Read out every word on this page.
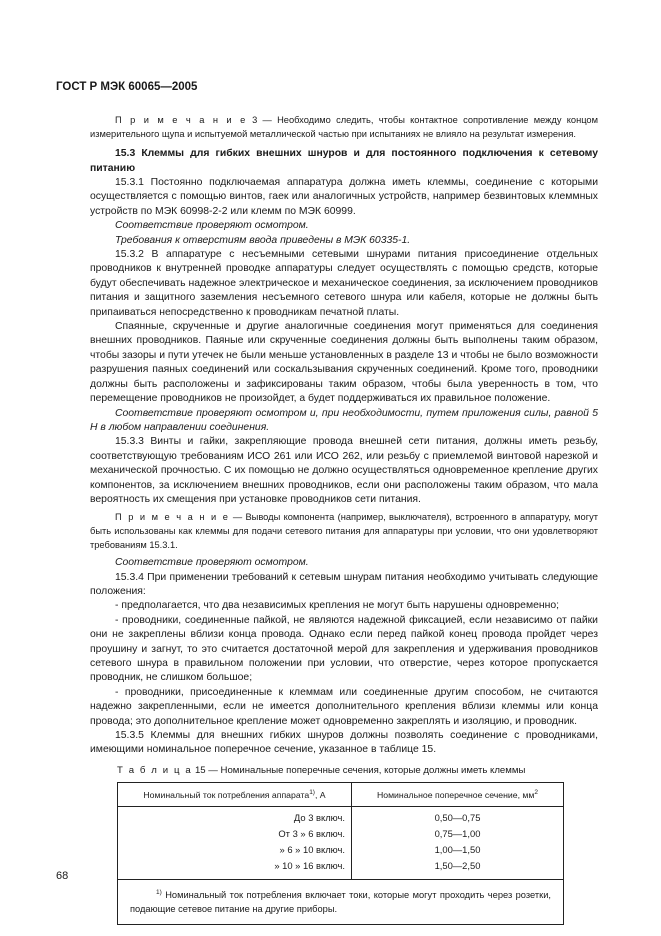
ГОСТ Р МЭК 60065—2005

П р и м е ч а н и е 3 — Необходимо следить, чтобы контактное сопротивление между концом измерительного щупа и испытуемой металлической частью при испытаниях не влияло на результат измерения.

15.3 Клеммы для гибких внешних шнуров и для постоянного подключения к сетевому питанию

15.3.1 Постоянно подключаемая аппаратура должна иметь клеммы, соединение с которыми осуществляется с помощью винтов, гаек или аналогичных устройств, например безвинтовых клеммных устройств по МЭК 60998-2-2 или клемм по МЭК 60999.

Соответствие проверяют осмотром.

Требования к отверстиям ввода приведены в МЭК 60335-1.

15.3.2 В аппаратуре с несъемными сетевыми шнурами питания присоединение отдельных проводников к внутренней проводке аппаратуры следует осуществлять с помощью средств, которые будут обеспечивать надежное электрическое и механическое соединения, за исключением проводников питания и защитного заземления несъемного сетевого шнура или кабеля, которые не должны быть припаиваться непосредственно к проводникам печатной платы.

Спаянные, скрученные и другие аналогичные соединения могут применяться для соединения внешних проводников. Паяные или скрученные соединения должны быть выполнены таким образом, чтобы зазоры и пути утечек не были меньше установленных в разделе 13 и чтобы не было возможности разрушения паяных соединений или соскальзывания скрученных соединений. Кроме того, проводники должны быть расположены и зафиксированы таким образом, чтобы была уверенность в том, что перемещение проводников не произойдет, а будет поддерживаться их правильное положение.

Соответствие проверяют осмотром и, при необходимости, путем приложения силы, равной 5 Н в любом направлении соединения.

15.3.3 Винты и гайки, закрепляющие провода внешней сети питания, должны иметь резьбу, соответствующую требованиям ИСО 261 или ИСО 262, или резьбу с приемлемой винтовой нарезкой и механической прочностью. С их помощью не должно осуществляться одновременное крепление других компонентов, за исключением внешних проводников, если они расположены таким образом, что мала вероятность их смещения при установке проводников сети питания.

П р и м е ч а н и е — Выводы компонента (например, выключателя), встроенного в аппаратуру, могут быть использованы как клеммы для подачи сетевого питания для аппаратуры при условии, что они удовлетворяют требованиям 15.3.1.

Соответствие проверяют осмотром.

15.3.4 При применении требований к сетевым шнурам питания необходимо учитывать следующие положения:

- предполагается, что два независимых крепления не могут быть нарушены одновременно;

- проводники, соединенные пайкой, не являются надежной фиксацией, если независимо от пайки они не закреплены вблизи конца провода. Однако если перед пайкой конец провода пройдет через проушину и загнут, то это считается достаточной мерой для закрепления и удерживания проводников сетевого шнура в правильном положении при условии, что отверстие, через которое пропускается проводник, не слишком большое;

- проводники, присоединенные к клеммам или соединенные другим способом, не считаются надежно закрепленными, если не имеется дополнительного крепления вблизи клеммы или конца провода; это дополнительное крепление может одновременно закреплять и изоляцию, и проводник.

15.3.5 Клеммы для внешних гибких шнуров должны позволять соединение с проводниками, имеющими номинальное поперечное сечение, указанное в таблице 15.

Т а б л и ц а 15 — Номинальные поперечные сечения, которые должны иметь клеммы
Номинальный ток потребления аппарата$^{1)}$, А	Номинальное поперечное сечение, $мм^2$
До 3 включ.	0,50—0,75
От 3 » 6 включ.	0,75—1,00
» 6 » 10 включ.	1,00—1,50
» 10 » 16 включ.	1,50—2,50
$^{1)}$ Номинальный ток потребления включает токи, которые могут проходить через розетки, подающие сетевое питание на другие приборы.	
68
